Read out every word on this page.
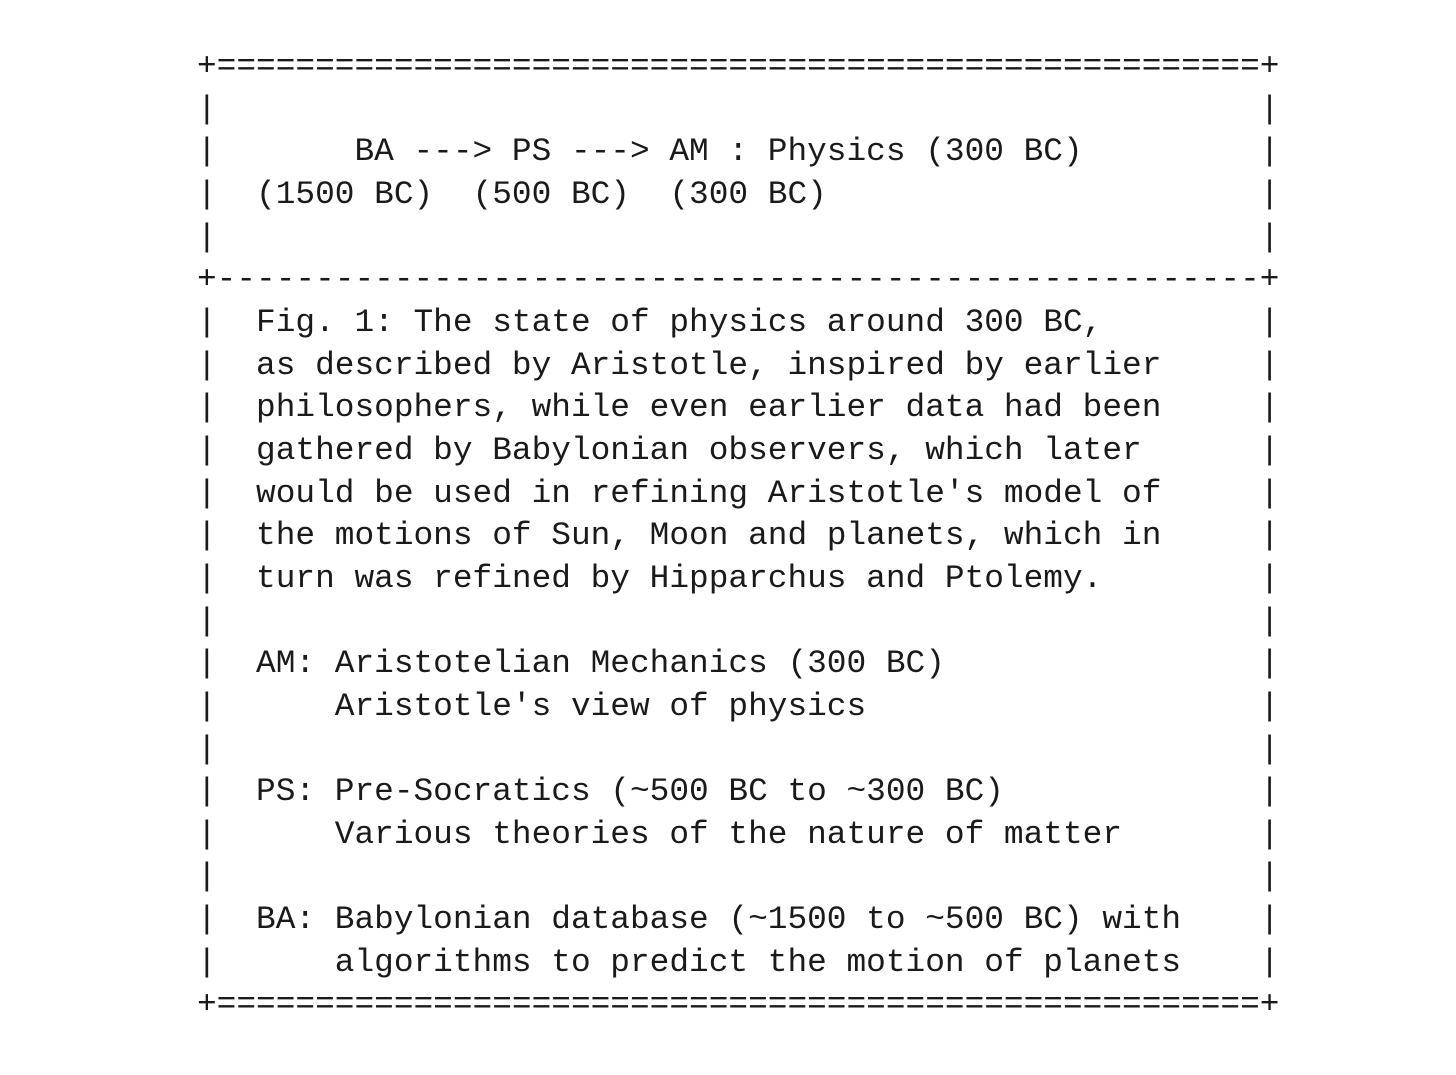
+=====================================================+
|                                                     |
|       BA ---> PS ---> AM : Physics (300 BC)         |
|  (1500 BC)  (500 BC)  (300 BC)                      |
|                                                     |
+-----------------------------------------------------+
|  Fig. 1: The state of physics around 300 BC,        |
|  as described by Aristotle, inspired by earlier     |
|  philosophers, while even earlier data had been     |
|  gathered by Babylonian observers, which later      |
|  would be used in refining Aristotle's model of     |
|  the motions of Sun, Moon and planets, which in     |
|  turn was refined by Hipparchus and Ptolemy.        |
|                                                     |
|  AM: Aristotelian Mechanics (300 BC)                |
|      Aristotle's view of physics                    |
|                                                     |
|  PS: Pre-Socratics (~500 BC to ~300 BC)             |
|      Various theories of the nature of matter       |
|                                                     |
|  BA: Babylonian database (~1500 to ~500 BC) with    |
|      algorithms to predict the motion of planets    |
+=====================================================+
